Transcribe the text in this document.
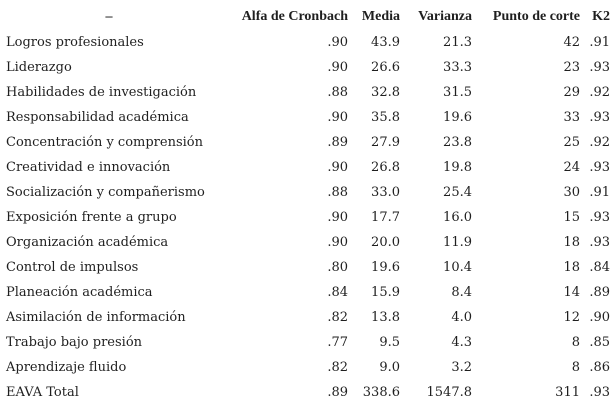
–	Alfa de Cronbach	Media	Varianza	Punto de corte	K2
Logros profesionales	.90	43.9	21.3	42	.91
Liderazgo	.90	26.6	33.3	23	.93
Habilidades de investigación	.88	32.8	31.5	29	.92
Responsabilidad académica	.90	35.8	19.6	33	.93
Concentración y comprensión	.89	27.9	23.8	25	.92
Creatividad e innovación	.90	26.8	19.8	24	.93
Socialización y compañerismo	.88	33.0	25.4	30	.91
Exposición frente a grupo	.90	17.7	16.0	15	.93
Organización académica	.90	20.0	11.9	18	.93
Control de impulsos	.80	19.6	10.4	18	.84
Planeación académica	.84	15.9	8.4	14	.89
Asimilación de información	.82	13.8	4.0	12	.90
Trabajo bajo presión	.77	9.5	4.3	8	.85
Aprendizaje fluido	.82	9.0	3.2	8	.86
EAVA Total	.89	338.6	1547.8	311	.93
